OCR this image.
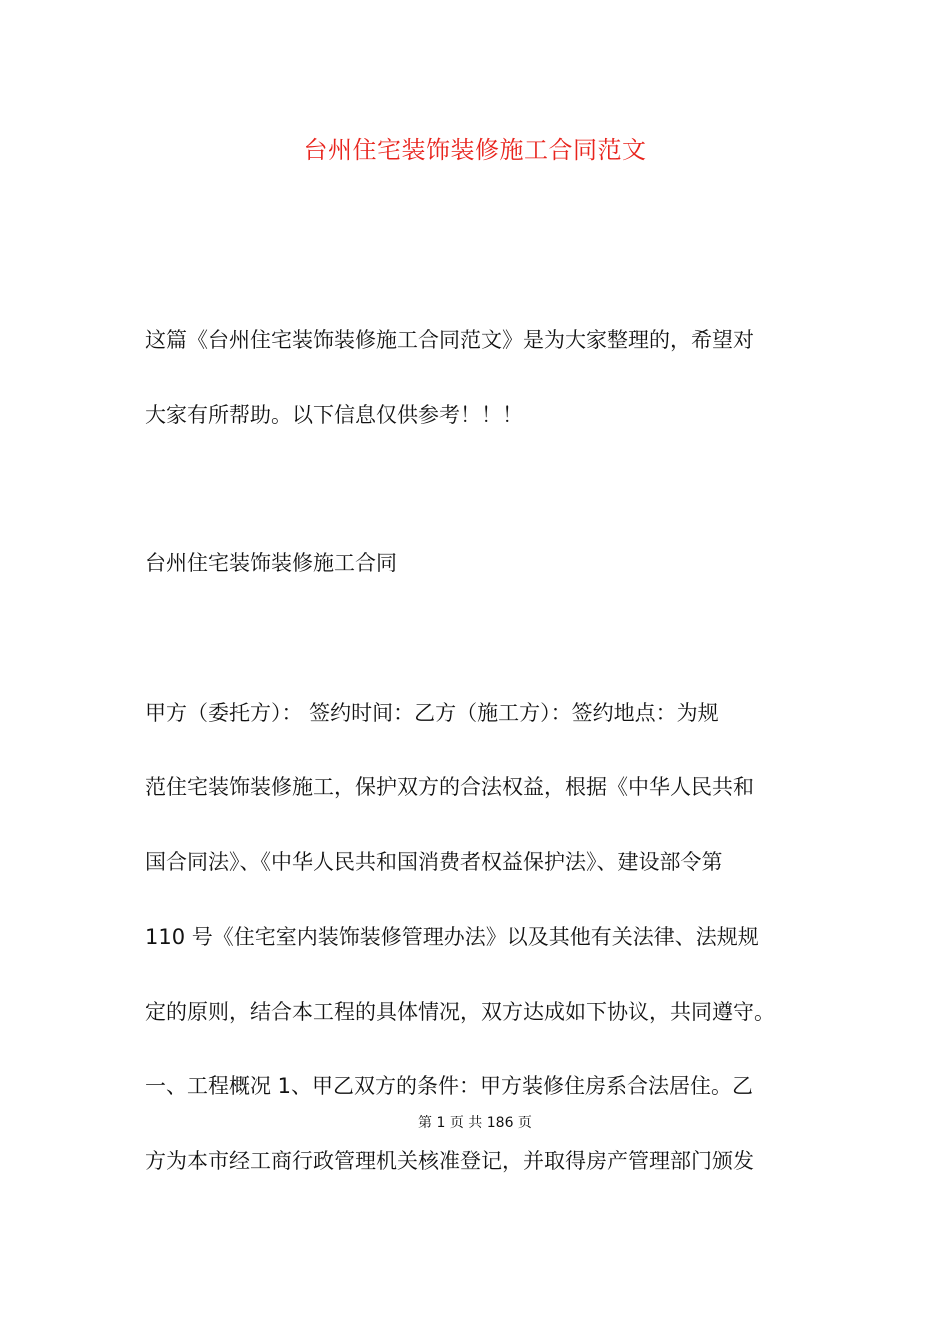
台州住宅装饰装修施工合同范文
这篇《台州住宅装饰装修施工合同范文》是为大家整理的，希望对
大家有所帮助。以下信息仅供参考！！！
台州住宅装饰装修施工合同
甲方（委托方）： 签约时间：乙方（施工方）：签约地点：为规
范住宅装饰装修施工，保护双方的合法权益，根据《中华人民共和
国合同法》、《中华人民共和国消费者权益保护法》、建设部令第
110 号《住宅室内装饰装修管理办法》以及其他有关法律、法规规
定的原则，结合本工程的具体情况，双方达成如下协议，共同遵守。
一、工程概况 1、甲乙双方的条件：甲方装修住房系合法居住。乙
第 1 页 共 186 页
方为本市经工商行政管理机关核准登记，并取得房产管理部门颁发
